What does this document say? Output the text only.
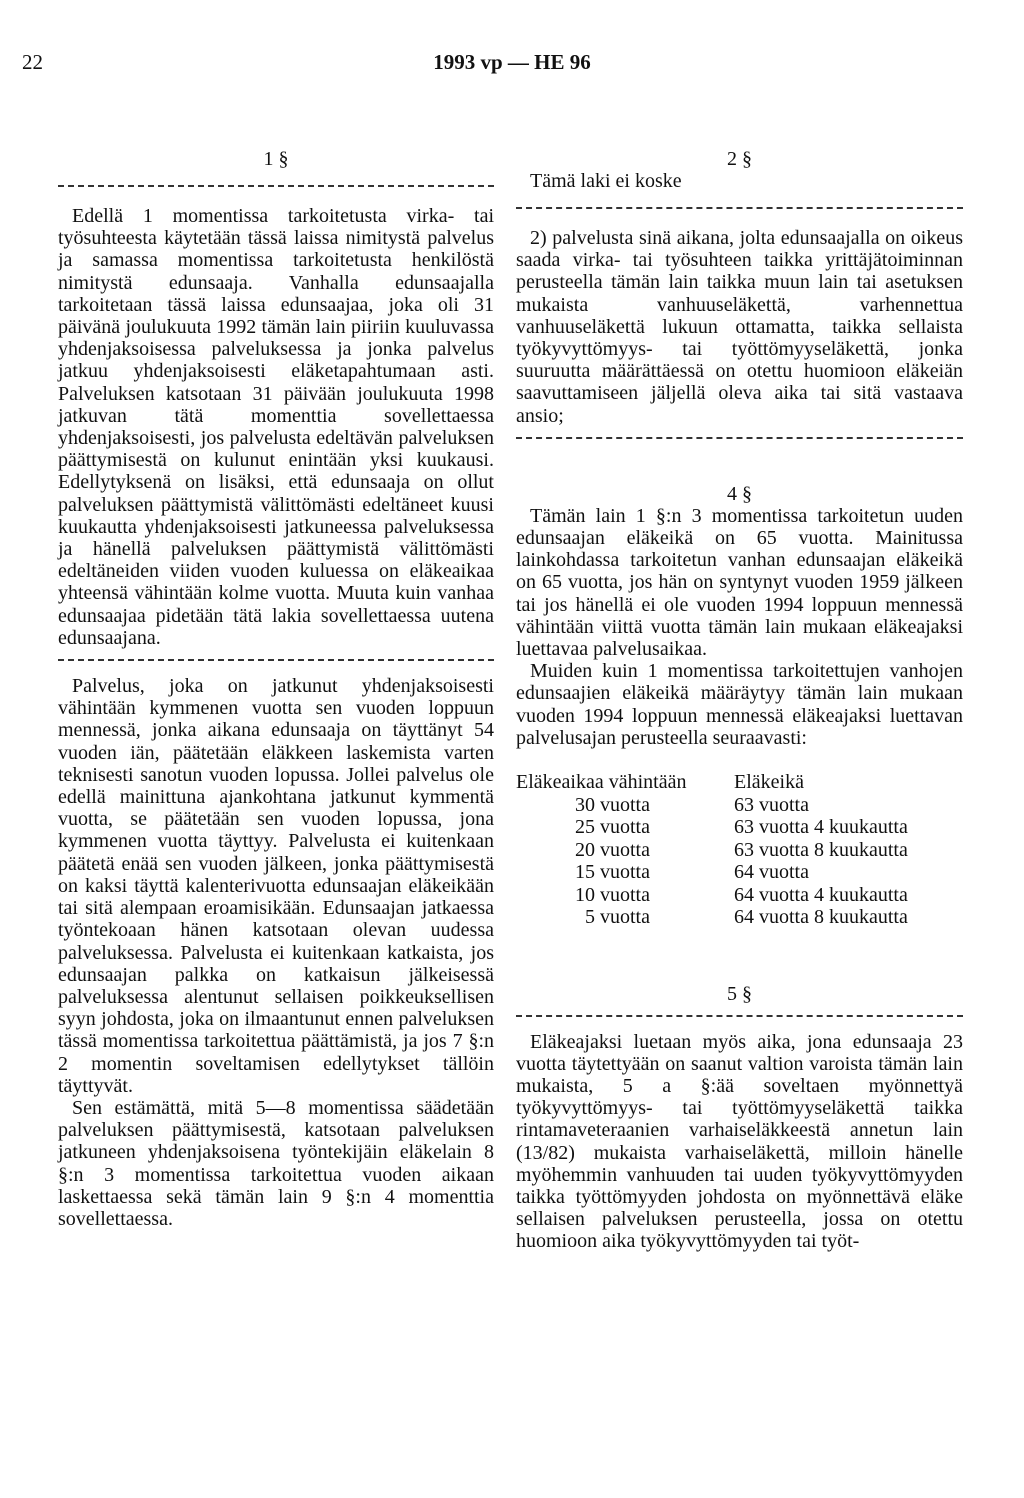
22	1993 vp — HE 96

1 §

Edellä 1 momentissa tarkoitetusta virka- tai työsuhteesta käytetään tässä laissa nimitystä palvelus ja samassa momentissa tarkoitetusta henkilöstä nimitystä edunsaaja. Vanhalla edunsaajalla tarkoitetaan tässä laissa edunsaajaa, joka oli 31 päivänä joulukuuta 1992 tämän lain piiriin kuuluvassa yhdenjaksoisessa palveluksessa ja jonka palvelus jatkuu yhdenjaksoisesti eläketapahtumaan asti. Palveluksen katsotaan 31 päivään joulukuuta 1998 jatkuvan tätä momenttia sovellettaessa yhdenjaksoisesti, jos palvelusta edeltävän palveluksen päättymisestä on kulunut enintään yksi kuukausi. Edellytyksenä on lisäksi, että edunsaaja on ollut palveluksen päättymistä välittömästi edeltäneet kuusi kuukautta yhdenjaksoisesti jatkuneessa palveluksessa ja hänellä palveluksen päättymistä välittömästi edeltäneiden viiden vuoden kuluessa on eläkeaikaa yhteensä vähintään kolme vuotta. Muuta kuin vanhaa edunsaajaa pidetään tätä lakia sovellettaessa uutena edunsaajana.

Palvelus, joka on jatkunut yhdenjaksoisesti vähintään kymmenen vuotta sen vuoden loppuun mennessä, jonka aikana edunsaaja on täyttänyt 54 vuoden iän, päätetään eläkkeen laskemista varten teknisesti sanotun vuoden lopussa. Jollei palvelus ole edellä mainittuna ajankohtana jatkunut kymmentä vuotta, se päätetään sen vuoden lopussa, jona kymmenen vuotta täyttyy. Palvelusta ei kuitenkaan päätetä enää sen vuoden jälkeen, jonka päättymisestä on kaksi täyttä kalenterivuotta edunsaajan eläkeikään tai sitä alempaan eroamisikään. Edunsaajan jatkaessa työntekoaan hänen katsotaan olevan uudessa palveluksessa. Palvelusta ei kuitenkaan katkaista, jos edunsaajan palkka on katkaisun jälkeisessä palveluksessa alentunut sellaisen poikkeuksellisen syyn johdosta, joka on ilmaantunut ennen palveluksen tässä momentissa tarkoitettua päättämistä, ja jos 7 §:n 2 momentin soveltamisen edellytykset tällöin täyttyvät.

Sen estämättä, mitä 5—8 momentissa säädetään palveluksen päättymisestä, katsotaan palveluksen jatkuneen yhdenjaksoisena työntekijäin eläkelain 8 §:n 3 momentissa tarkoitettua vuoden aikaan laskettaessa sekä tämän lain 9 §:n 4 momenttia sovellettaessa.

2 §

Tämä laki ei koske

2) palvelusta sinä aikana, jolta edunsaajalla on oikeus saada virka- tai työsuhteen taikka yrittäjätoiminnan perusteella tämän lain taikka muun lain tai asetuksen mukaista vanhuuseläkettä, varhennettua vanhuuseläkettä lukuun ottamatta, taikka sellaista työkyvyttömyys- tai työttömyyseläkettä, jonka suuruutta määrättäessä on otettu huomioon eläkeiän saavuttamiseen jäljellä oleva aika tai sitä vastaava ansio;

4 §

Tämän lain 1 §:n 3 momentissa tarkoitetun uuden edunsaajan eläkeikä on 65 vuotta. Mainitussa lainkohdassa tarkoitetun vanhan edunsaajan eläkeikä on 65 vuotta, jos hän on syntynyt vuoden 1959 jälkeen tai jos hänellä ei ole vuoden 1994 loppuun mennessä vähintään viittä vuotta tämän lain mukaan eläkeajaksi luettavaa palvelusaikaa.

Muiden kuin 1 momentissa tarkoitettujen vanhojen edunsaajien eläkeikä määräytyy tämän lain mukaan vuoden 1994 loppuun mennessä eläkeajaksi luettavan palvelusajan perusteella seuraavasti:

Eläkeaikaa vähintään	Eläkeikä
30 vuotta	63 vuotta
25 vuotta	63 vuotta 4 kuukautta
20 vuotta	63 vuotta 8 kuukautta
15 vuotta	64 vuotta
10 vuotta	64 vuotta 4 kuukautta
5 vuotta	64 vuotta 8 kuukautta

5 §

Eläkeajaksi luetaan myös aika, jona edunsaaja 23 vuotta täytettyään on saanut valtion varoista tämän lain mukaista, 5 a §:ää soveltaen myönnettyä työkyvyttömyys- tai työttömyyseläkettä taikka rintamaveteraanien varhaiseläkkeestä annetun lain (13/82) mukaista varhaiseläkettä, milloin hänelle myöhemmin vanhuuden tai uuden työkyvyttömyyden taikka työttömyyden johdosta on myönnettävä eläke sellaisen palveluksen perusteella, jossa on otettu huomioon aika työkyvyttömyyden tai työt-
